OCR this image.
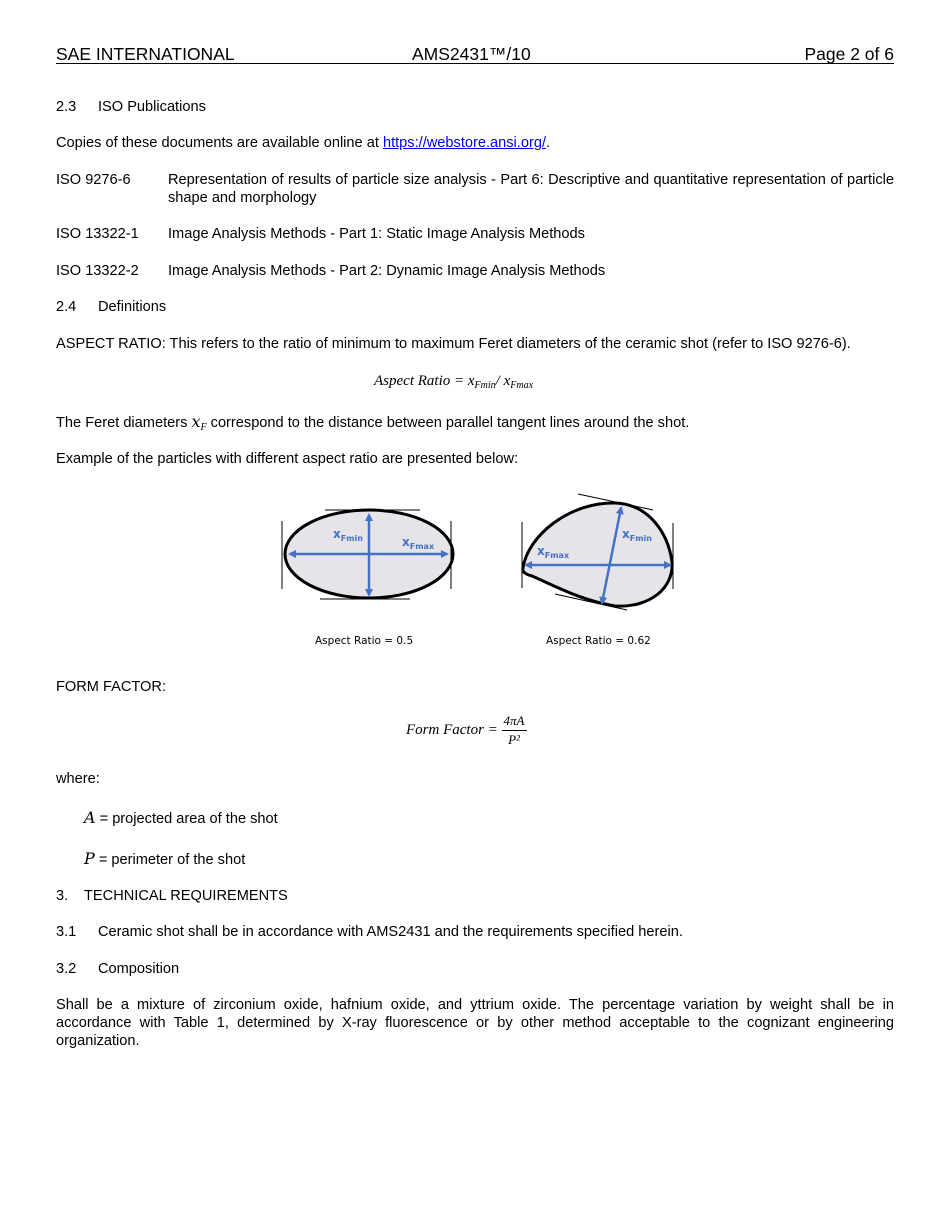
SAE INTERNATIONAL	AMS2431™/10	Page 2 of 6
2.3 ISO Publications
Copies of these documents are available online at https://webstore.ansi.org/.
ISO 9276-6	Representation of results of particle size analysis - Part 6: Descriptive and quantitative representation of particle shape and morphology
ISO 13322-1 Image Analysis Methods - Part 1: Static Image Analysis Methods
ISO 13322-2 Image Analysis Methods - Part 2: Dynamic Image Analysis Methods
2.4 Definitions
ASPECT RATIO: This refers to the ratio of minimum to maximum Feret diameters of the ceramic shot (refer to ISO 9276-6).
Aspect Ratio = $x_{Fmin}/$ $x_{Fmax}$
The Feret diameters $x_F$ correspond to the distance between parallel tangent lines around the shot.
Example of the particles with different aspect ratio are presented below:
$x_{Fmin}$	$x_{Fmax}$
$x_{Fmin}$
$x_{Fmax}$
Aspect Ratio = 0.5	Aspect Ratio = 0.62
FORM FACTOR:
Form Factor = $\frac{4\pi A}{\text{P²}}$
where:
A = projected area of the shot
P = perimeter of the shot
3. TECHNICAL REQUIREMENTS
3.1 Ceramic shot shall be in accordance with AMS2431 and the requirements specified herein.
3.2 Composition
Shall be a mixture of zirconium oxide, hafnium oxide, and yttrium oxide. The percentage variation by weight shall be in accordance with Table 1, determined by X-ray fluorescence or by other method acceptable to the cognizant engineering organization.
